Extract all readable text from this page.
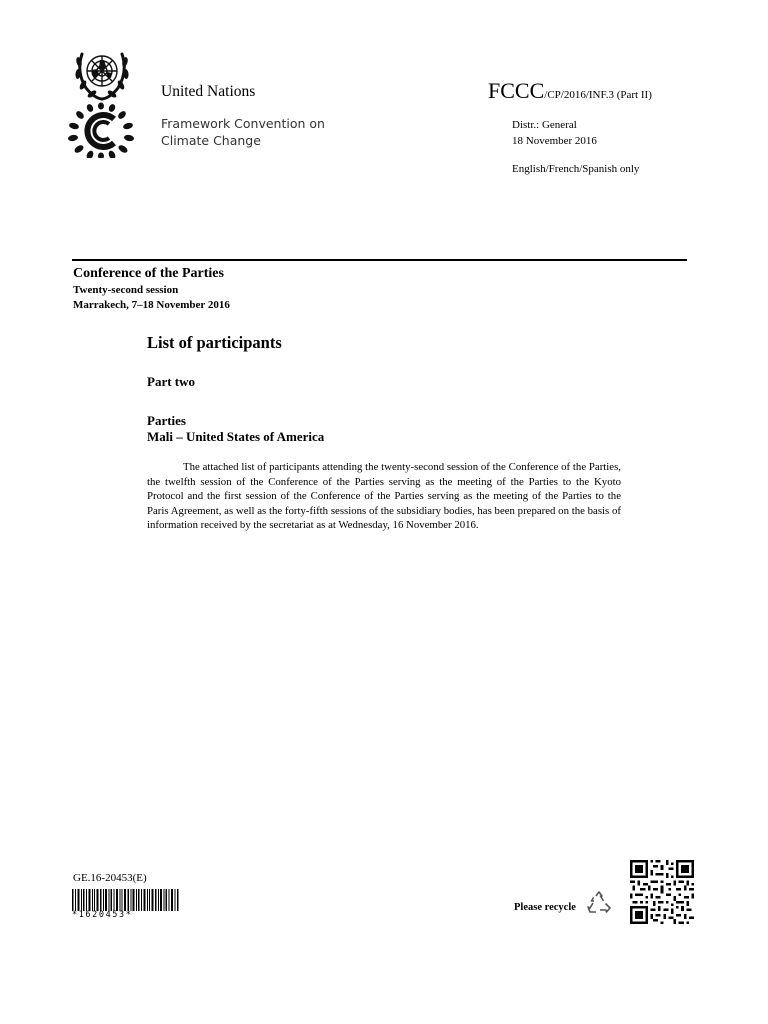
United Nations
Framework Convention on
Climate Change
FCCC/CP/2016/INF.3 (Part II)
Distr.: General
18 November 2016
English/French/Spanish only
Conference of the Parties
Twenty-second session
Marrakech, 7–18 November 2016
List of participants
Part two
Parties
Mali – United States of America
The attached list of participants attending the twenty-second session of the Conference of the Parties, the twelfth session of the Conference of the Parties serving as the meeting of the Parties to the Kyoto Protocol and the first session of the Conference of the Parties serving as the meeting of the Parties to the Paris Agreement, as well as the forty-fifth sessions of the subsidiary bodies, has been prepared on the basis of information received by the secretariat as at Wednesday, 16 November 2016.
GE.16-20453(E)
*1620453*
Please recycle
